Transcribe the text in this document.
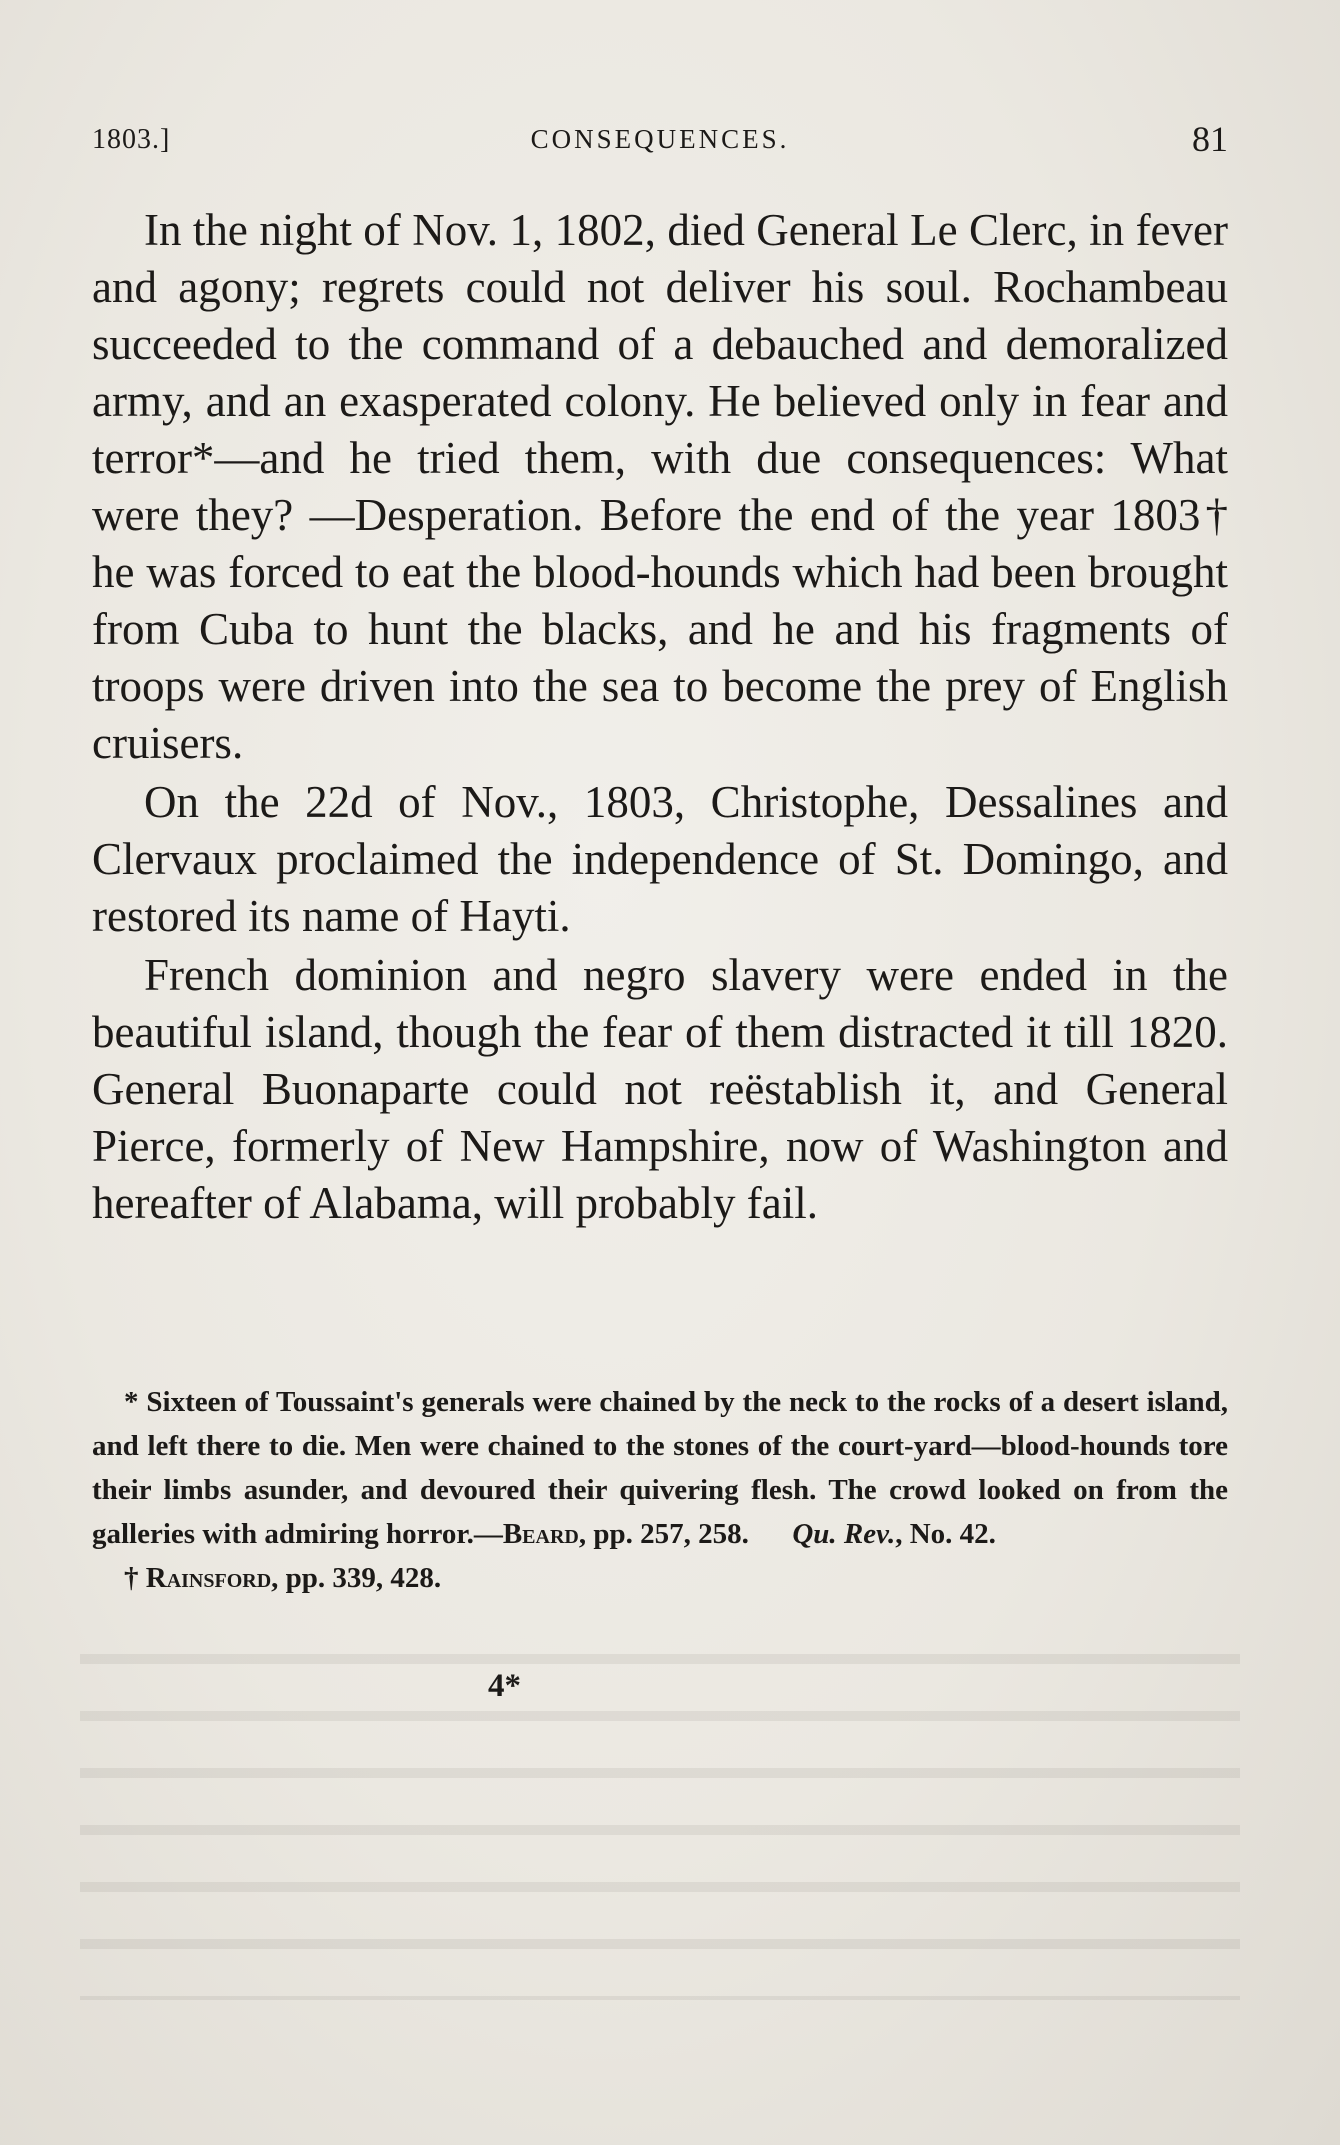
1803.]	CONSEQUENCES.	81

In the night of Nov. 1, 1802, died General Le Clerc, in fever and agony; regrets could not deliver his soul. Rochambeau succeeded to the command of a debauched and demoralized army, and an exasperated colony. He believed only in fear and terror*—and he tried them, with due consequences: What were they? —Desperation. Before the end of the year 1803† he was forced to eat the blood-hounds which had been brought from Cuba to hunt the blacks, and he and his fragments of troops were driven into the sea to become the prey of English cruisers.

On the 22d of Nov., 1803, Christophe, Dessalines and Clervaux proclaimed the independence of St. Domingo, and restored its name of Hayti.

French dominion and negro slavery were ended in the beautiful island, though the fear of them distracted it till 1820. General Buonaparte could not reëstablish it, and General Pierce, formerly of New Hampshire, now of Washington and hereafter of Alabama, will probably fail.

* Sixteen of Toussaint's generals were chained by the neck to the rocks of a desert island, and left there to die. Men were chained to the stones of the court-yard—blood-hounds tore their limbs asunder, and devoured their quivering flesh. The crowd looked on from the galleries with admiring horror.—Beard, pp. 257, 258. Qu. Rev., No. 42.

† Rainsford, pp. 339, 428.

4*
